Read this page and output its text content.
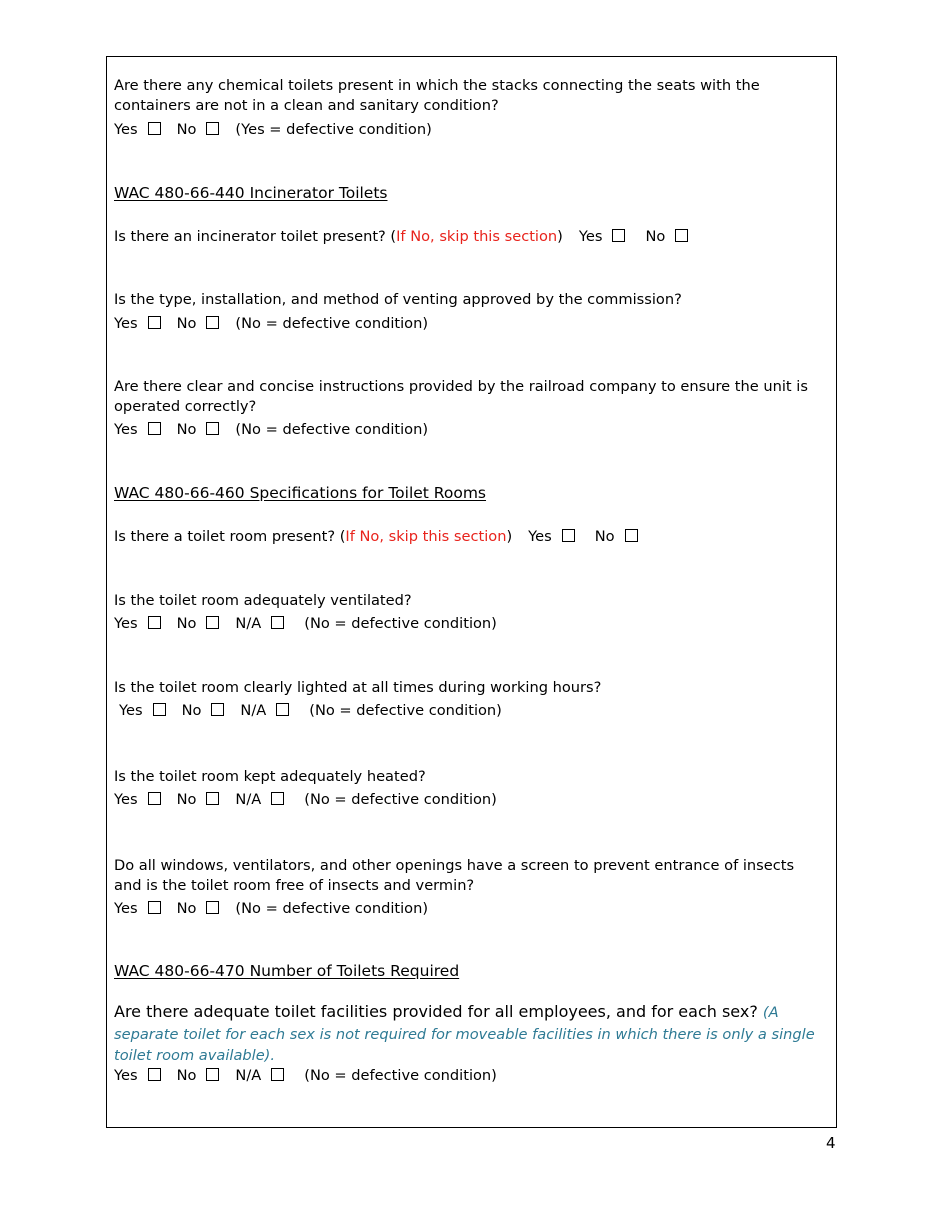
Are there any chemical toilets present in which the stacks connecting the seats with the containers are not in a clean and sanitary condition?
Yes	No	(Yes = defective condition)
WAC 480-66-440 Incinerator Toilets
Is there an incinerator toilet present? ( If No, skip this section ) Yes	No
Is the type, installation, and method of venting approved by the commission?
Yes	No	(No = defective condition)
Are there clear and concise instructions provided by the railroad company to ensure the unit is operated correctly?
Yes	No	(No = defective condition)
WAC 480-66-460 Specifications for Toilet Rooms
Is there a toilet room present? ( If No, skip this section ) Yes	No
Is the toilet room adequately ventilated?
Yes	No	N/A	(No = defective condition)
Is the toilet room clearly lighted at all times during working hours?
Yes	No	N/A	(No = defective condition)
Is the toilet room kept adequately heated?
Yes	No	N/A	(No = defective condition)
Do all windows, ventilators, and other openings have a screen to prevent entrance of insects and is the toilet room free of insects and vermin?
Yes	No	(No = defective condition)
WAC 480-66-470 Number of Toilets Required
Are there adequate toilet facilities provided for all employees, and for each sex? (A separate toilet for each sex is not required for moveable facilities in which there is only a single toilet room available).
Yes	No	N/A	(No = defective condition)
4
